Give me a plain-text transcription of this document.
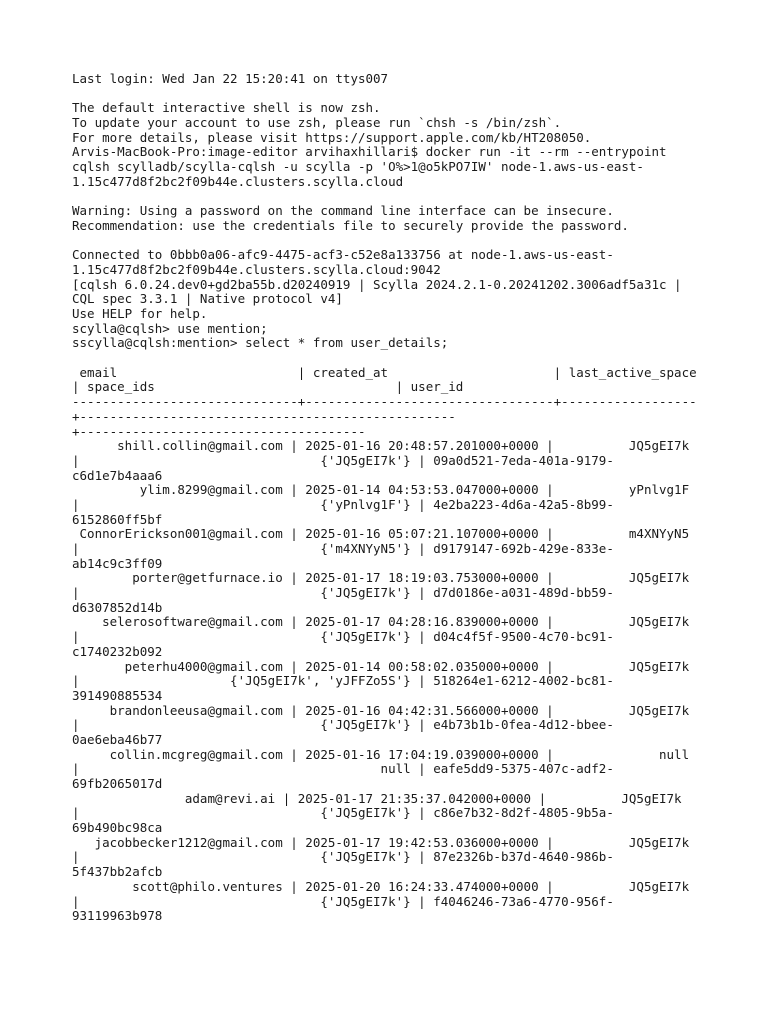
Last login: Wed Jan 22 15:20:41 on ttys007
The default interactive shell is now zsh.
To update your account to use zsh, please run `chsh -s /bin/zsh`.
For more details, please visit https://support.apple.com/kb/HT208050.
Arvis-MacBook-Pro:image-editor arvihaxhillari$ docker run -it --rm --entrypoint
cqlsh scylladb/scylla-cqlsh -u scylla -p 'O%>1@o5kPO7IW' node-1.aws-us-east-
1.15c477d8f2bc2f09b44e.clusters.scylla.cloud
Warning: Using a password on the command line interface can be insecure.
Recommendation: use the credentials file to securely provide the password.
Connected to 0bbb0a06-afc9-4475-acf3-c52e8a133756 at node-1.aws-us-east-
1.15c477d8f2bc2f09b44e.clusters.scylla.cloud:9042
[cqlsh 6.0.24.dev0+gd2ba55b.d20240919 | Scylla 2024.2.1-0.20241202.3006adf5a31c |
CQL spec 3.3.1 | Native protocol v4]
Use HELP for help.
scylla@cqlsh> use mention;
sscylla@cqlsh:mention> select * from user_details;
email                        | created_at                      | last_active_space
| space_ids                                | user_id
------------------------------+---------------------------------+------------------
+--------------------------------------------------
+--------------------------------------
shill.collin@gmail.com | 2025-01-16 20:48:57.201000+0000 |          JQ5gEI7k
|                                {'JQ5gEI7k'} | 09a0d521-7eda-401a-9179-
c6d1e7b4aaa6
ylim.8299@gmail.com | 2025-01-14 04:53:53.047000+0000 |          yPnlvg1F
|                                {'yPnlvg1F'} | 4e2ba223-4d6a-42a5-8b99-
6152860ff5bf
ConnorErickson001@gmail.com | 2025-01-16 05:07:21.107000+0000 |          m4XNYyN5
|                                {'m4XNYyN5'} | d9179147-692b-429e-833e-
ab14c9c3ff09
porter@getfurnace.io | 2025-01-17 18:19:03.753000+0000 |          JQ5gEI7k
|                                {'JQ5gEI7k'} | d7d0186e-a031-489d-bb59-
d6307852d14b
selerosoftware@gmail.com | 2025-01-17 04:28:16.839000+0000 |          JQ5gEI7k
|                                {'JQ5gEI7k'} | d04c4f5f-9500-4c70-bc91-
c1740232b092
peterhu4000@gmail.com | 2025-01-14 00:58:02.035000+0000 |          JQ5gEI7k
|                    {'JQ5gEI7k', 'yJFFZo5S'} | 518264e1-6212-4002-bc81-
391490885534
brandonleeusa@gmail.com | 2025-01-16 04:42:31.566000+0000 |          JQ5gEI7k
|                                {'JQ5gEI7k'} | e4b73b1b-0fea-4d12-bbee-
0ae6eba46b77
collin.mcgreg@gmail.com | 2025-01-16 17:04:19.039000+0000 |              null
|                                        null | eafe5dd9-5375-407c-adf2-
69fb2065017d
adam@revi.ai | 2025-01-17 21:35:37.042000+0000 |          JQ5gEI7k
|                                {'JQ5gEI7k'} | c86e7b32-8d2f-4805-9b5a-
69b490bc98ca
jacobbecker1212@gmail.com | 2025-01-17 19:42:53.036000+0000 |          JQ5gEI7k
|                                {'JQ5gEI7k'} | 87e2326b-b37d-4640-986b-
5f437bb2afcb
scott@philo.ventures | 2025-01-20 16:24:33.474000+0000 |          JQ5gEI7k
|                                {'JQ5gEI7k'} | f4046246-73a6-4770-956f-
93119963b978
